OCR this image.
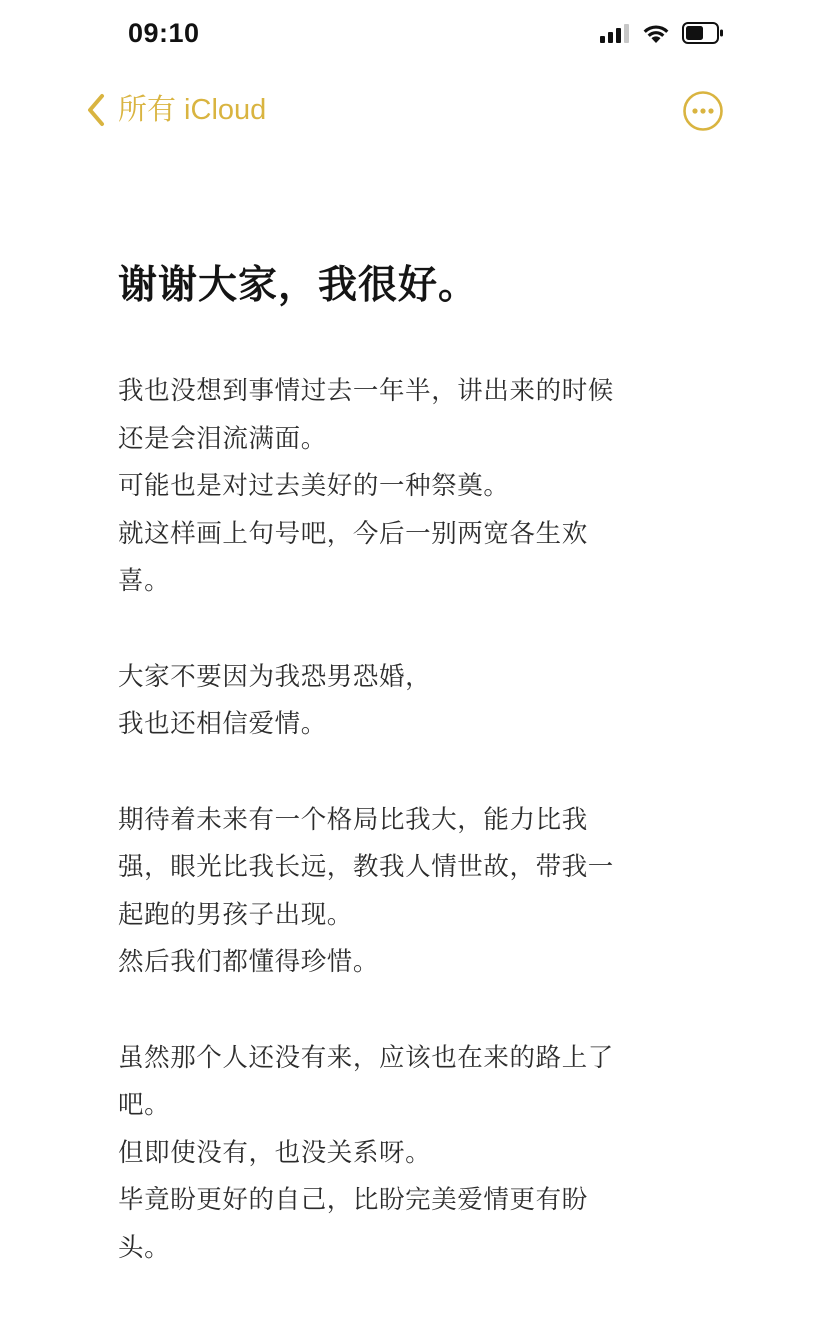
09:10
所有 iCloud
谢谢大家，我很好。
我也没想到事情过去一年半，讲出来的时候
还是会泪流满面。
可能也是对过去美好的一种祭奠。
就这样画上句号吧，今后一别两宽各生欢
喜。
大家不要因为我恐男恐婚，
我也还相信爱情。
期待着未来有一个格局比我大，能力比我
强，眼光比我长远，教我人情世故，带我一
起跑的男孩子出现。
然后我们都懂得珍惜。
虽然那个人还没有来，应该也在来的路上了
吧。
但即使没有，也没关系呀。
毕竟盼更好的自己，比盼完美爱情更有盼
头。
